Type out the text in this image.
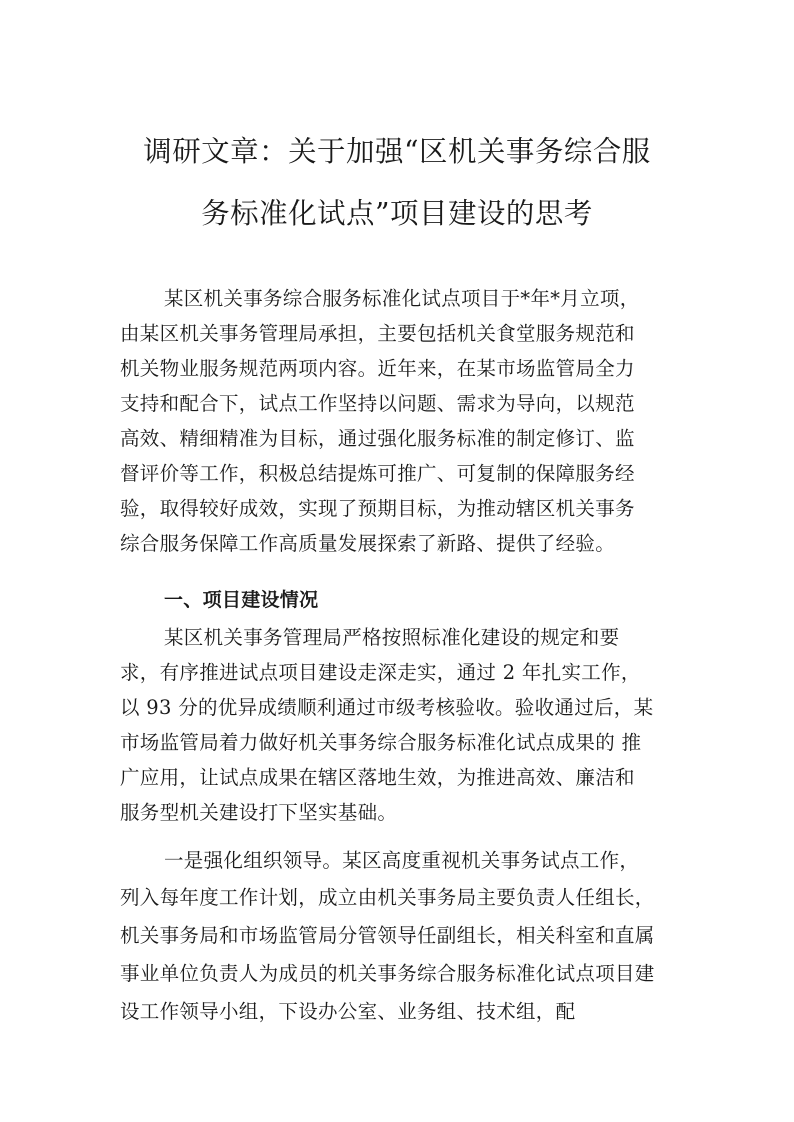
调研文章：关于加强“区机关事务综合服
务标准化试点”项目建设的思考
某区机关事务综合服务标准化试点项目于*年*月立项，
由某区机关事务管理局承担，主要包括机关食堂服务规范和
机关物业服务规范两项内容。近年来，在某市场监管局全力
支持和配合下，试点工作坚持以问题、需求为导向，以规范
高效、精细精准为目标，通过强化服务标准的制定修订、监
督评价等工作，积极总结提炼可推广、可复制的保障服务经
验，取得较好成效，实现了预期目标，为推动辖区机关事务
综合服务保障工作高质量发展探索了新路、提供了经验。
一、项目建设情况
某区机关事务管理局严格按照标准化建设的规定和要
求，有序推进试点项目建设走深走实，通过 2 年扎实工作，
以 93 分的优异成绩顺利通过市级考核验收。验收通过后，某
市场监管局着力做好机关事务综合服务标准化试点成果的 推
广应用，让试点成果在辖区落地生效，为推进高效、廉洁和
服务型机关建设打下坚实基础。
一是强化组织领导。某区高度重视机关事务试点工作，
列入每年度工作计划，成立由机关事务局主要负责人任组长，
机关事务局和市场监管局分管领导任副组长，相关科室和直属
事业单位负责人为成员的机关事务综合服务标准化试点项目建
设工作领导小组，下设办公室、业务组、技术组，配
